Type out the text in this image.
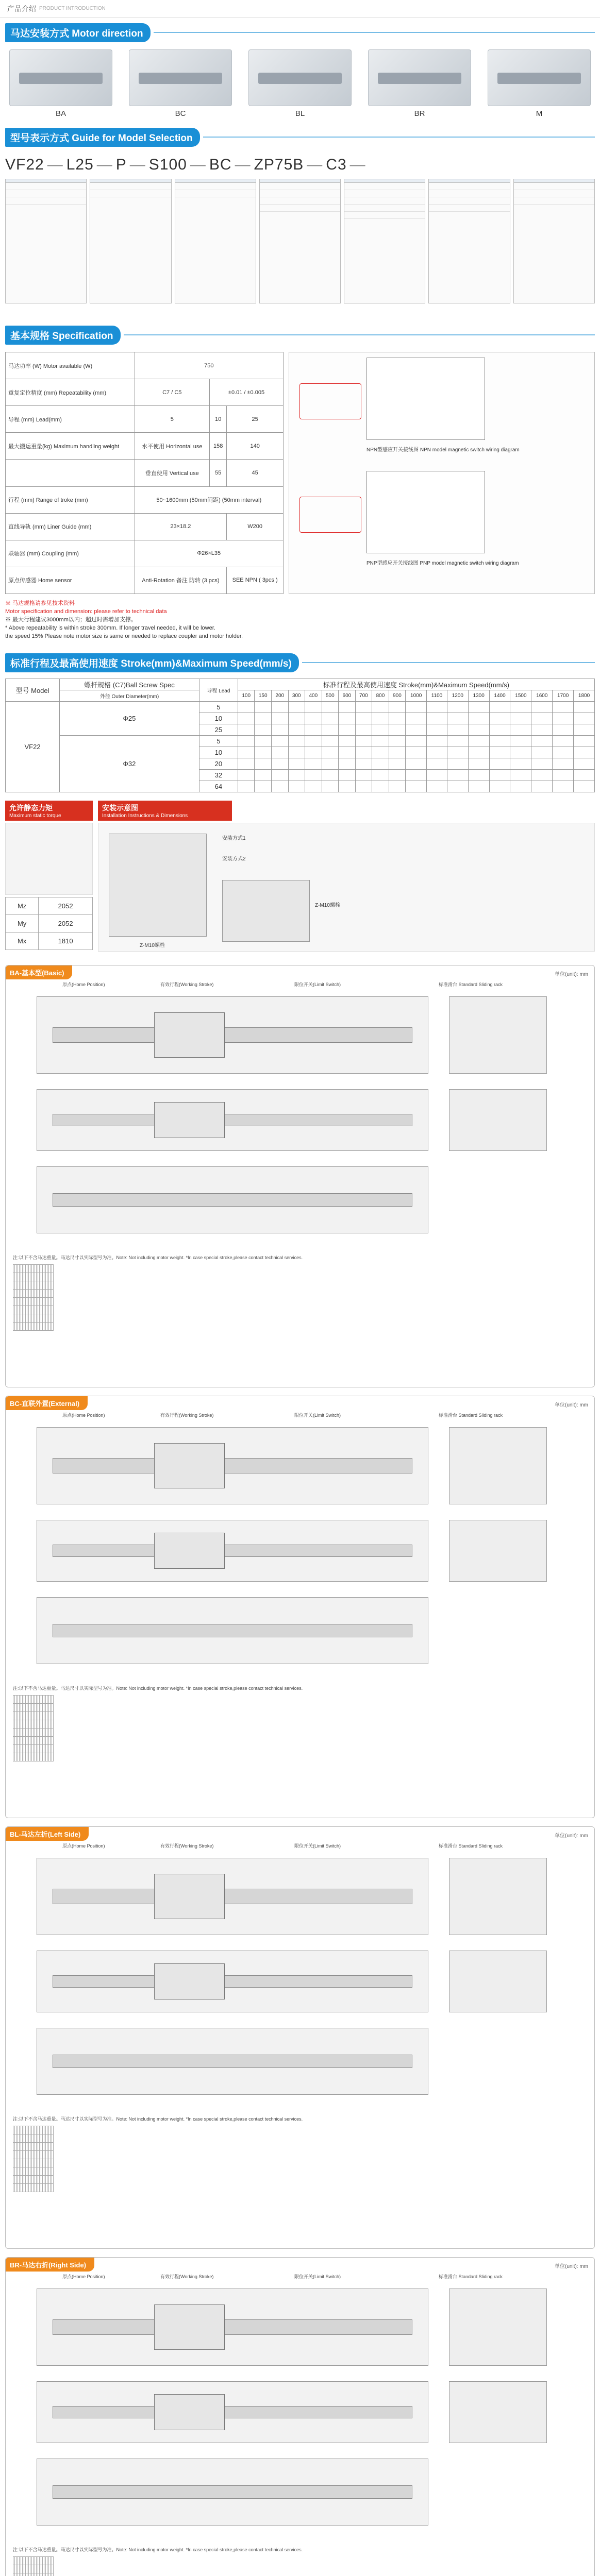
产品介绍 PRODUCT INTRODUCTION
马达安装方式 Motor direction
BA	BC	BL	BR	M
型号表示方式 Guide for Model Selection
VF22 — L25 — P — S100 — BC — ZP75B — C3 —
基本规格 Specification
马达功率 (W) Motor available (W)	750		
重复定位精度 (mm) Repeatability (mm)	C7 / C5	±0.01 / ±0.005	
导程 (mm) Lead(mm)	5	10	25
最大搬运重量(kg) Maximum handling weight	水平使用 Horizontal use	158	140
	垂直使用 Vertical use	55	45
行程 (mm) Range of troke (mm)	50~1600mm (50mm间距) (50mm interval)		
直线导轨 (mm) Liner Guide (mm)	23×18.2		W200
联轴器 (mm) Coupling (mm)	Φ26×L35		
原点传感器 Home sensor	Anti-Rotation 备注 防转 (3 pcs)		SEE NPN ( 3pcs )
NPN型感应开关接线图 NPN model magnetic switch wiring diagram
PNP型感应开关接线图 PNP model magnetic switch wiring diagram
※ 马达规格请参见技术资料
Motor specification and dimension: please refer to technical data
※ 最大行程建议3000mm以内；超过时需增加支撑。
* Above repeatability is within stroke 300mm. If longer travel needed, it will be lower.
the speed 15% Please note motor size is same or needed to replace coupler and motor holder.
标准行程及最高使用速度 Stroke(mm)&Maximum Speed(mm/s)
型号 Model	螺杆规格 (C7)Ball Screw Spec	导程 Lead	标准行程及最高使用速度 Stroke(mm)&Maximum Speed(mm/s)																		
	外径 Outer Diameter(mm)		100	150	200	300	400	500	600	700	800	900	1000	1100	1200	1300	1400	1500	1600	1700	1800
VF22	Φ25	5																			
		10																			
		25																			
	Φ32	5																			
		10																			
		20																			
		32																			
		64																			
允许静态力矩
Maximum static torque
Mz	2052
My	2052
Mx	1810
安装示意图
Installation Instructions & Dimensions
安装方式1
安装方式2
Z-M10螺栓
Z-M10螺栓
BA-基本型(Basic)	单位(unit): mm
原点(Home Position)	有效行程(Working Stroke)	限位开关(Limit Switch)	标准滑台 Standard Sliding rack
注:以下不含马达重量。马达尺寸以实际型号为准。Note: Not including motor weight. *In case special stroke,please contact technical services.

BC-直联外置(External)	单位(unit): mm
原点(Home Position)	有效行程(Working Stroke)	限位开关(Limit Switch)	标准滑台 Standard Sliding rack
注:以下不含马达重量。马达尺寸以实际型号为准。Note: Not including motor weight. *In case special stroke,please contact technical services.

BL-马达左折(Left Side)	单位(unit): mm
原点(Home Position)	有效行程(Working Stroke)	限位开关(Limit Switch)	标准滑台 Standard Sliding rack
注:以下不含马达重量。马达尺寸以实际型号为准。Note: Not including motor weight. *In case special stroke,please contact technical services.

BR-马达右折(Right Side)	单位(unit): mm
原点(Home Position)	有效行程(Working Stroke)	限位开关(Limit Switch)	标准滑台 Standard Sliding rack
注:以下不含马达重量。马达尺寸以实际型号为准。Note: Not including motor weight. *In case special stroke,please contact technical services.
